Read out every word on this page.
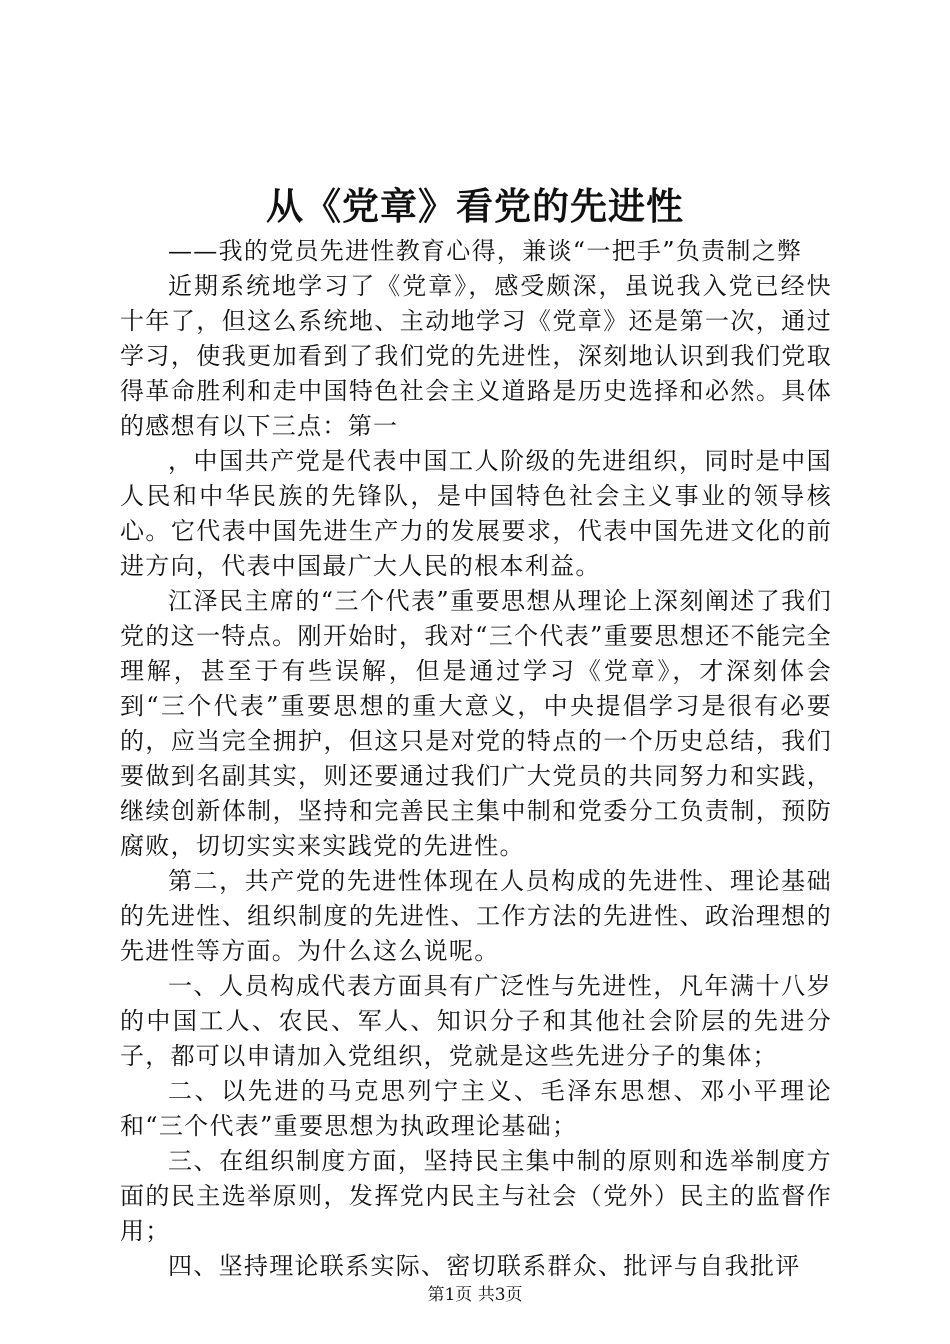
从《党章》看党的先进性

——我的党员先进性教育心得，兼谈“一把手”负责制之弊

近期系统地学习了《党章》，感受颇深，虽说我入党已经快十年了，但这么系统地、主动地学习《党章》还是第一次，通过学习，使我更加看到了我们党的先进性，深刻地认识到我们党取得革命胜利和走中国特色社会主义道路是历史选择和必然。具体的感想有以下三点：第一

，中国共产党是代表中国工人阶级的先进组织，同时是中国人民和中华民族的先锋队，是中国特色社会主义事业的领导核心。它代表中国先进生产力的发展要求，代表中国先进文化的前进方向，代表中国最广大人民的根本利益。

江泽民主席的“三个代表”重要思想从理论上深刻阐述了我们党的这一特点。刚开始时，我对“三个代表”重要思想还不能完全理解，甚至于有些误解，但是通过学习《党章》，才深刻体会到“三个代表”重要思想的重大意义，中央提倡学习是很有必要的，应当完全拥护，但这只是对党的特点的一个历史总结，我们要做到名副其实，则还要通过我们广大党员的共同努力和实践，继续创新体制，坚持和完善民主集中制和党委分工负责制，预防腐败，切切实实来实践党的先进性。

第二，共产党的先进性体现在人员构成的先进性、理论基础的先进性、组织制度的先进性、工作方法的先进性、政治理想的先进性等方面。为什么这么说呢。

一、人员构成代表方面具有广泛性与先进性，凡年满十八岁的中国工人、农民、军人、知识分子和其他社会阶层的先进分子，都可以申请加入党组织，党就是这些先进分子的集体；

二、以先进的马克思列宁主义、毛泽东思想、邓小平理论和“三个代表”重要思想为执政理论基础；

三、在组织制度方面，坚持民主集中制的原则和选举制度方面的民主选举原则，发挥党内民主与社会（党外）民主的监督作用；

四、坚持理论联系实际、密切联系群众、批评与自我批评

第1页 共3页
